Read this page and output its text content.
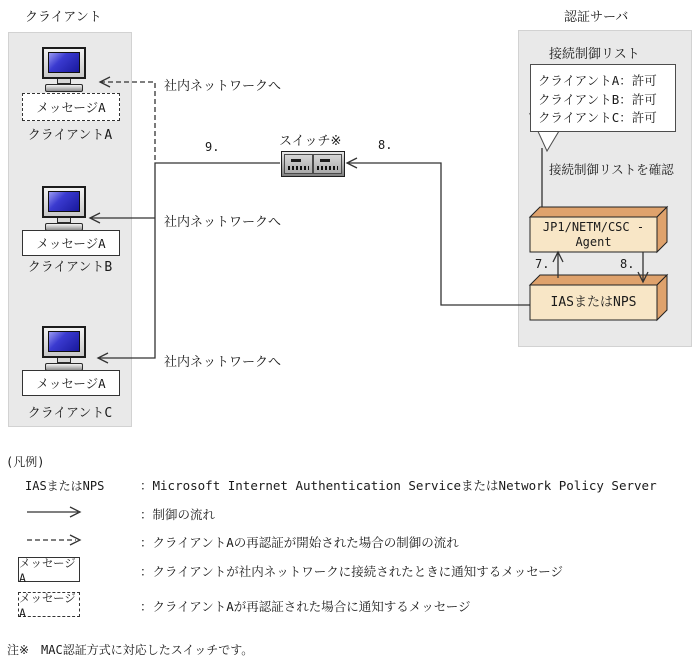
クライアント	認証サーバ
メッセージA
クライアントA
社内ネットワークへ
メッセージA
クライアントB
社内ネットワークへ
メッセージA
クライアントC
社内ネットワークへ
スイッチ※
9.	8.
7.	8.
接続制御リスト
クライアントA：許可
クライアントB：許可
クライアントC：許可
接続制御リストを確認
JP1/NETM/CSC -
Agent
IASまたはNPS
(凡例)
IASまたはNPS	：Microsoft Internet Authentication ServiceまたはNetwork Policy Server
：制御の流れ
：クライアントAの再認証が開始された場合の制御の流れ
メッセージA	：クライアントが社内ネットワークに接続されたときに通知するメッセージ
メッセージA	：クライアントAが再認証された場合に通知するメッセージ
注※　MAC認証方式に対応したスイッチです。
